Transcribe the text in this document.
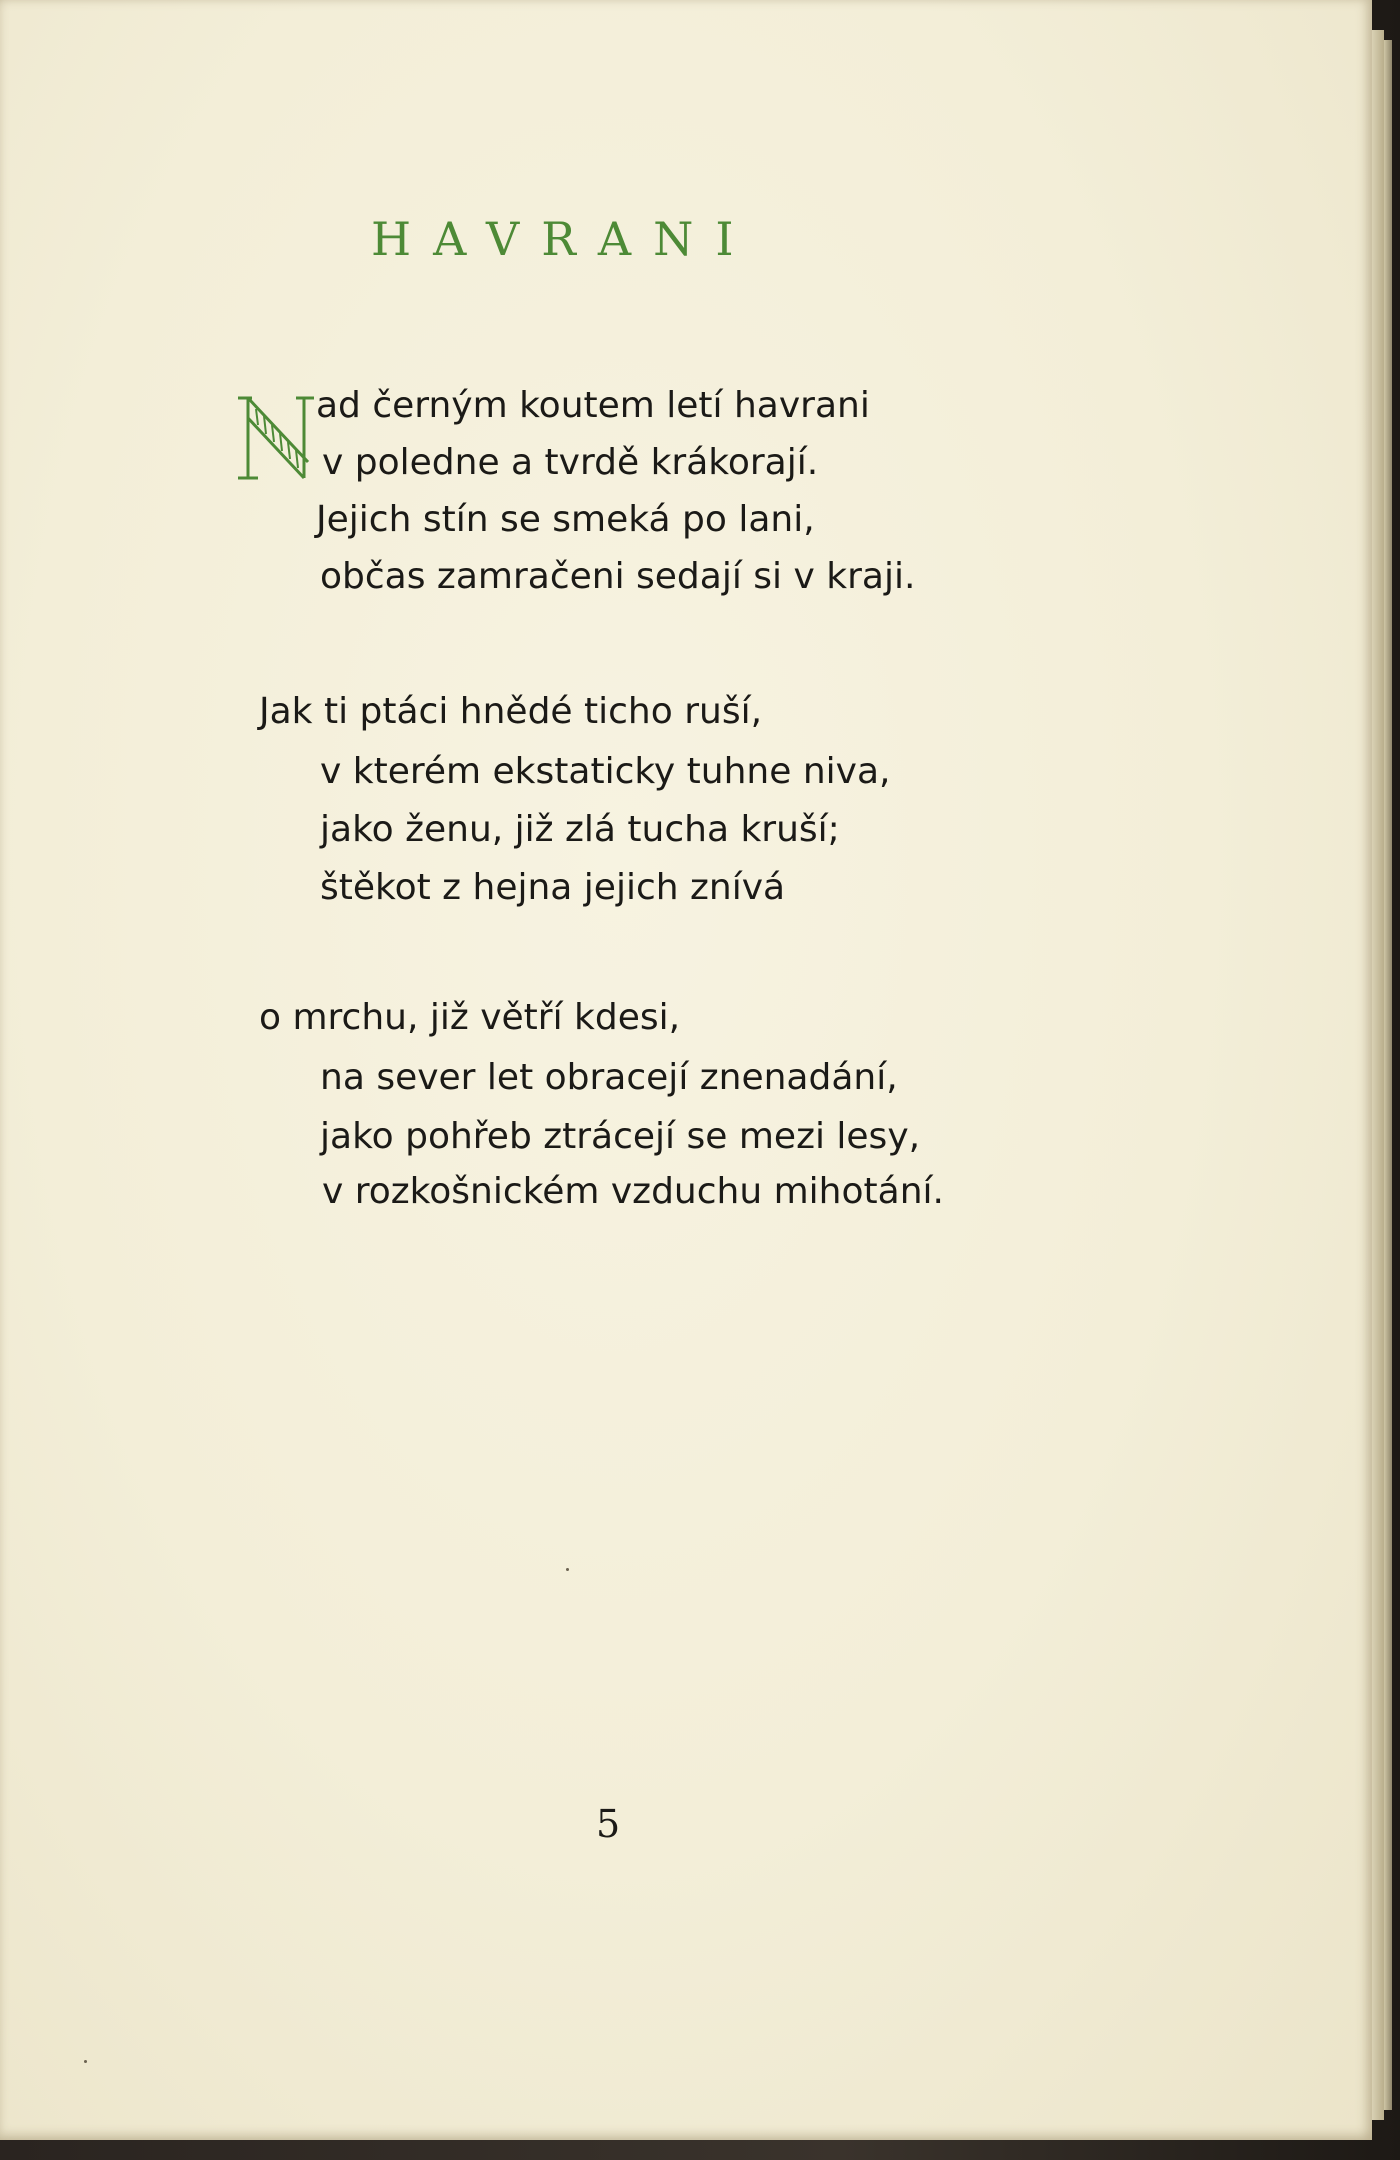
HAVRANI
ad černým koutem letí havrani
v poledne a tvrdě krákorají.
Jejich stín se smeká po lani,
občas zamračeni sedají si v kraji.
Jak ti ptáci hnědé ticho ruší,
v kterém ekstaticky tuhne niva,
jako ženu, již zlá tucha kruší;
štěkot z hejna jejich znívá
o mrchu, již větří kdesi,
na sever let obracejí znenadání,
jako pohřeb ztrácejí se mezi lesy,
v rozkošnickém vzduchu mihotání.
5
